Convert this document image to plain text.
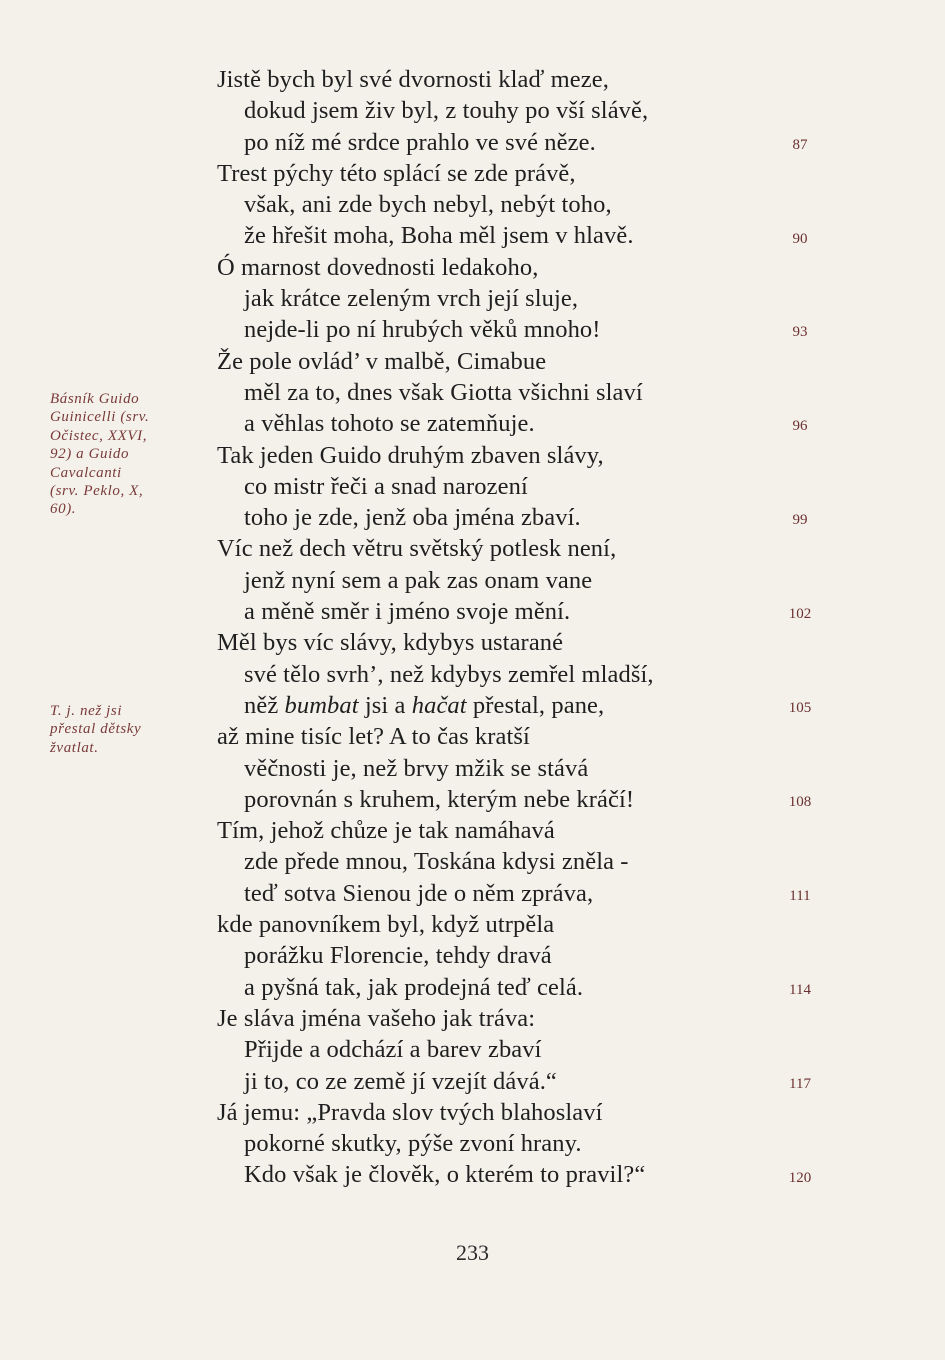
Básník Guido
Guinicelli (srv.
Očistec, XXVI,
92) a Guido
Cavalcanti
(srv. Peklo, X,
60).
T. j. než jsi
přestal dětsky
žvatlat.
Jistě bych byl své dvornosti klaď meze,
dokud jsem živ byl, z touhy po vší slávě,
po níž mé srdce prahlo ve své něze.
Trest pýchy této splácí se zde právě,
však, ani zde bych nebyl, nebýt toho,
že hřešit moha, Boha měl jsem v hlavě.
Ó marnost dovednosti ledakoho,
jak krátce zeleným vrch její sluje,
nejde-li po ní hrubých věků mnoho!
Že pole ovlád’ v malbě, Cimabue
měl za to, dnes však Giotta všichni slaví
a věhlas tohoto se zatemňuje.
Tak jeden Guido druhým zbaven slávy,
co mistr řeči a snad narození
toho je zde, jenž oba jména zbaví.
Víc než dech větru světský potlesk není,
jenž nyní sem a pak zas onam vane
a měně směr i jméno svoje mění.
Měl bys víc slávy, kdybys ustarané
své tělo svrh’, než kdybys zemřel mladší,
něž bumbat jsi a hačat přestal, pane,
až mine tisíc let? A to čas kratší
věčnosti je, než brvy mžik se stává
porovnán s kruhem, kterým nebe kráčí!
Tím, jehož chůze je tak namáhavá
zde přede mnou, Toskána kdysi zněla -
teď sotva Sienou jde o něm zpráva,
kde panovníkem byl, když utrpěla
porážku Florencie, tehdy dravá
a pyšná tak, jak prodejná teď celá.
Je sláva jména vašeho jak tráva:
Přijde a odchází a barev zbaví
ji to, co ze země jí vzejít dává.“
Já jemu: „Pravda slov tvých blahoslaví
pokorné skutky, pýše zvoní hrany.
Kdo však je člověk, o kterém to pravil?“
87
90
93
96
99
102
105
108
111
114
117
120
233
